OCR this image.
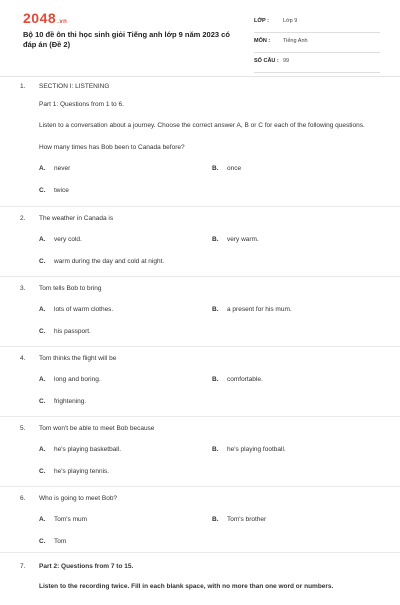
2048.vn
Bộ 10 đề ôn thi học sinh giỏi Tiếng anh lớp 9 năm 2023 có đáp án (Đề 2)
LỚP :	Lớp 9
MÔN : Tiếng Anh
SỐ CÂU : 99
1. SECTION I: LISTENING
Part 1: Questions from 1 to 6.
Listen to a conversation about a journey. Choose the correct answer A, B or C for each of the following questions.
How many times has Bob been to Canada before?
A. never	B. once
C. twice
2. The weather in Canada is
A. very cold.	B. very warm.
C. warm during the day and cold at night.
3. Tom tells Bob to bring
A. lots of warm clothes.	B. a present for his mum.
C. his passport.
4. Tom thinks the flight will be
A. long and boring.	B. comfortable.
C. frightening.
5. Tom won't be able to meet Bob because
A. he's playing basketball.	B. he's playing football.
C. he's playing tennis.
6. Who is going to meet Bob?
A. Tom's mum	B. Tom's brother
C. Tom
7. Part 2: Questions from 7 to 15.
Listen to the recording twice. Fill in each blank space, with no more than one word or numbers.
